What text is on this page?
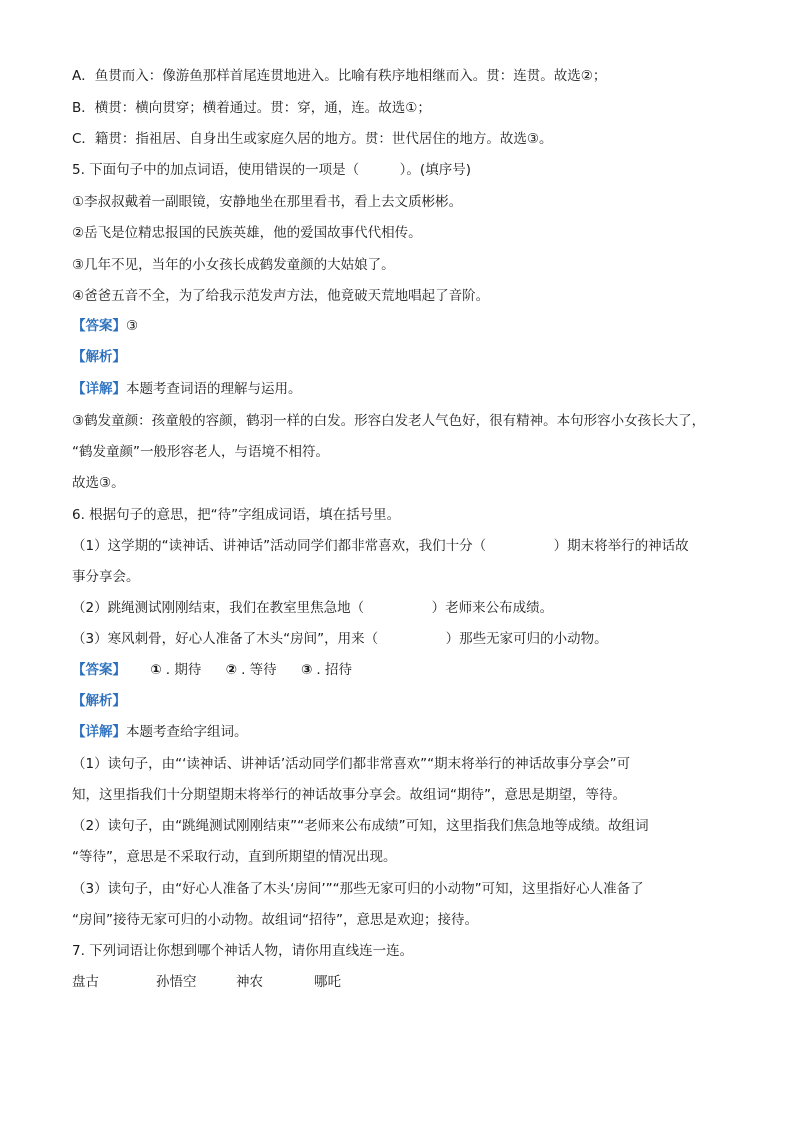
A．鱼贯而入：像游鱼那样首尾连贯地进入。比喻有秩序地相继而入。贯：连贯。故选②；
B．横贯：横向贯穿；横着通过。贯：穿，通，连。故选①；
C．籍贯：指祖居、自身出生或家庭久居的地方。贯：世代居住的地方。故选③。
5. 下面句子中的加点词语，使用错误的一项是（　　　）。(填序号)
①李叔叔戴着一副眼镜，安静地坐在那里看书，看上去文质彬彬。
②岳飞是位精忠报国的民族英雄，他的爱国故事代代相传。
③几年不见，当年的小女孩长成鹤发童颜的大姑娘了。
④爸爸五音不全，为了给我示范发声方法，他竟破天荒地唱起了音阶。
【答案】③
【解析】
【详解】本题考查词语的理解与运用。
③鹤发童颜：孩童般的容颜，鹤羽一样的白发。形容白发老人气色好，很有精神。本句形容小女孩长大了，
“鹤发童颜”一般形容老人，与语境不相符。
故选③。
6. 根据句子的意思，把“待”字组成词语，填在括号里。
（1）这学期的“读神话、讲神话”活动同学们都非常喜欢，我们十分（　　　　　）期末将举行的神话故
事分享会。
（2）跳绳测试刚刚结束，我们在教室里焦急地（　　　　　）老师来公布成绩。
（3）寒风刺骨，好心人准备了木头“房间”，用来（　　　　　）那些无家可归的小动物。
【答案】 ① . 期待 ② . 等待 ③ . 招待
【解析】
【详解】本题考查给字组词。
（1）读句子，由“‘读神话、讲神话’活动同学们都非常喜欢”“期末将举行的神话故事分享会”可
知，这里指我们十分期望期末将举行的神话故事分享会。故组词“期待”，意思是期望，等待。
（2）读句子，由“跳绳测试刚刚结束”“老师来公布成绩”可知，这里指我们焦急地等成绩。故组词
“等待”，意思是不采取行动，直到所期望的情况出现。
（3）读句子，由“好心人准备了木头‘房间’”“那些无家可归的小动物”可知，这里指好心人准备了
“房间”接待无家可归的小动物。故组词“招待”，意思是欢迎；接待。
7. 下列词语让你想到哪个神话人物，请你用直线连一连。
盘古	孙悟空	神农	哪吒
